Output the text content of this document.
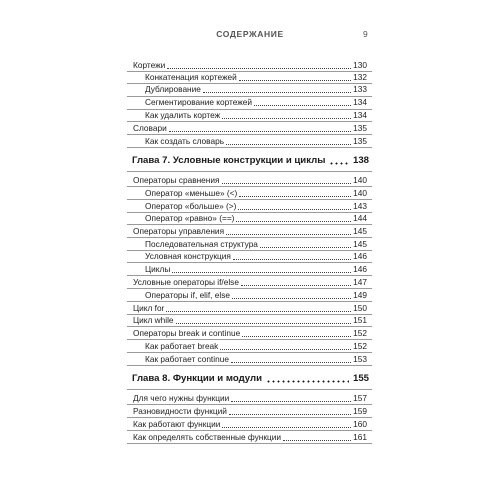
СОДЕРЖАНИЕ	9
Кортежи	130
Конкатенация кортежей	132
Дублирование	133
Сегментирование кортежей	134
Как удалить кортеж	134
Словари	135
Как создать словарь	135
Глава 7. Условные конструкции и циклы	138
Операторы сравнения	140
Оператор «меньше» (<)	140
Оператор «больше» (>)	143
Оператор «равно» (==)	144
Операторы управления	145
Последовательная структура	145
Условная конструкция	146
Циклы	146
Условные операторы if/else	147
Операторы if, elif, else	149
Цикл for	150
Цикл while	151
Операторы break и continue	152
Как работает break	152
Как работает continue	153
Глава 8. Функции и модули	155
Для чего нужны функции	157
Разновидности функций	159
Как работают функции	160
Как определять собственные функции	161
